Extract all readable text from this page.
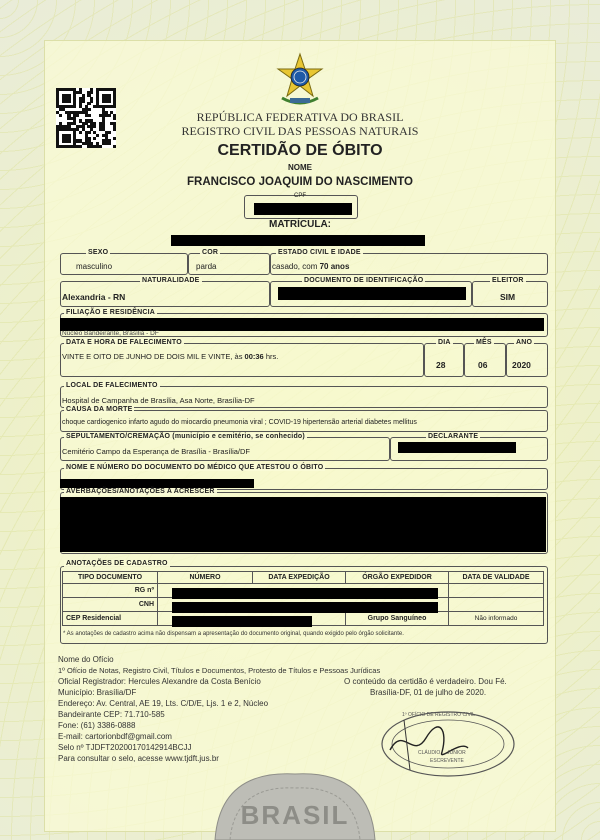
REPÚBLICA FEDERATIVA DO BRASIL
REGISTRO CIVIL DAS PESSOAS NATURAIS
CERTIDÃO DE ÓBITO
NOME
FRANCISCO JOAQUIM DO NASCIMENTO
CPF
MATRÍCULA:
SEXO
masculino
COR
parda
ESTADO CIVIL E IDADE
casado, com 70 anos
NATURALIDADE
Alexandria - RN
DOCUMENTO DE IDENTIFICAÇÃO	ELEITOR
SIM
FILIAÇÃO E RESIDÊNCIA
Núcleo Bandeirante, Brasília - DF
DATA E HORA DE FALECIMENTO
VINTE E OITO DE JUNHO DE DOIS MIL E VINTE, às 00:36 hrs.
DIA
28
MÊS
06
ANO
2020
LOCAL DE FALECIMENTO
Hospital de Campanha de Brasília, Asa Norte, Brasília-DF
CAUSA DA MORTE
choque cardiogenico infarto agudo do miocardio pneumonia viral ; COVID-19 hipertensão arterial diabetes mellitus
SEPULTAMENTO/CREMAÇÃO (município e cemitério, se conhecido)
Cemitério Campo da Esperança de Brasília - Brasília/DF
DECLARANTE
NOME E NÚMERO DO DOCUMENTO DO MÉDICO QUE ATESTOU O ÓBITO
AVERBAÇÕES/ANOTAÇÕES A ACRESCER
ANOTAÇÕES DE CADASTRO
TIPO DOCUMENTO	NÚMERO	DATA EXPEDIÇÃO	ÓRGÃO EXPEDIDOR	DATA DE VALIDADE
RG nº				
CNH				
CEP Residencial			Grupo Sanguíneo	Não informado
* As anotações de cadastro acima não dispensam a apresentação do documento original, quando exigido pelo órgão solicitante.
Nome do Ofício
1º Ofício de Notas, Registro Civil, Títulos e Documentos, Protesto de Títulos e Pessoas Jurídicas
Oficial Registrador: Hercules Alexandre da Costa Benício
Município: Brasília/DF
Endereço: Av. Central, AE 19, Lts. C/D/E, Ljs. 1 e 2, Núcleo
Bandeirante CEP: 71.710-585
Fone: (61) 3386-0888
E-mail: cartorionbdf@gmail.com
Selo nº TJDFT20200170142914BCJJ
Para consultar o selo, acesse www.tjdft.jus.br
O conteúdo da certidão é verdadeiro. Dou Fé.
Brasília-DF, 01 de julho de 2020.
1º OFÍCIO DE REGISTRO CIVIL
CLÁUDIO ... JÚNIOR
ESCREVENTE
BRASIL
